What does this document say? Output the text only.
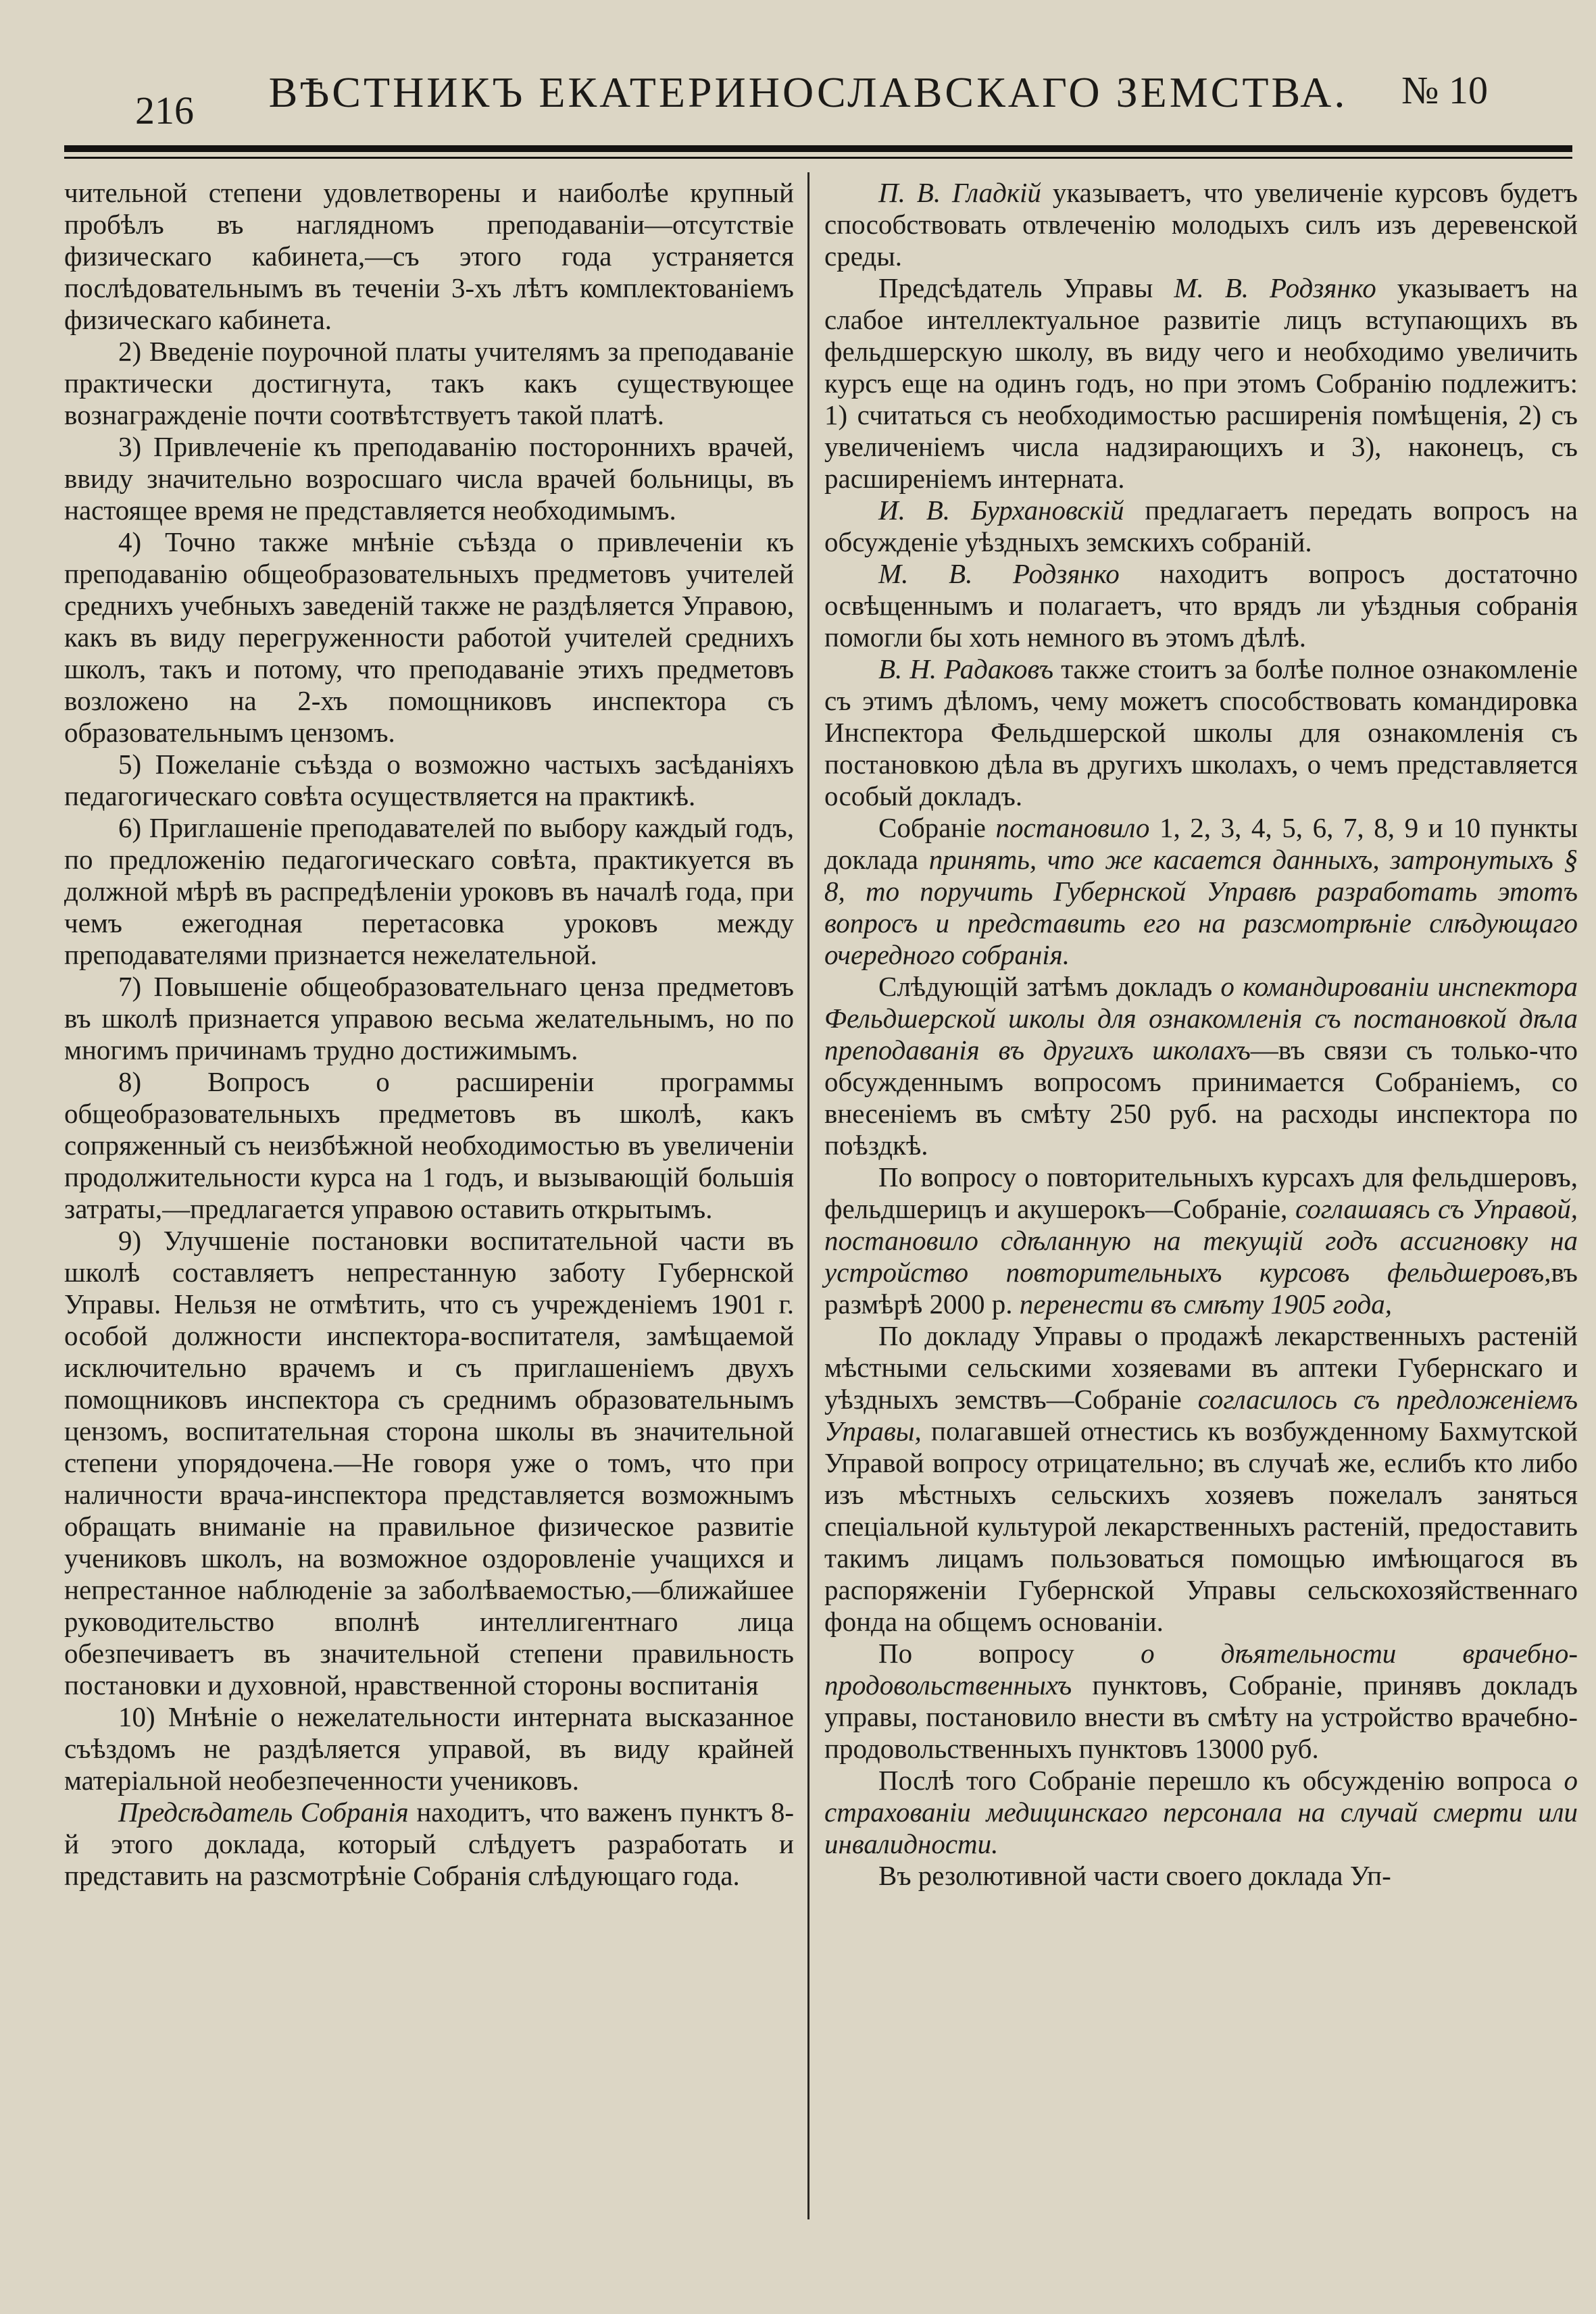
216	ВѢСТНИКЪ ЕКАТЕРИНОСЛАВСКАГО ЗЕМСТВА.	№ 10

чительной степени удовлетворены и наиболѣе крупный пробѣлъ въ наглядномъ преподаваніи—отсутствіе физическаго кабинета,—съ этого года устраняется послѣдовательнымъ въ теченіи 3-хъ лѣтъ комплектованіемъ физическаго кабинета.

2) Введеніе поурочной платы учителямъ за преподаваніе практически достигнута, такъ какъ существующее вознагражденіе почти соотвѣтствуетъ такой платѣ.

3) Привлеченіе къ преподаванію постороннихъ врачей, ввиду значительно возросшаго числа врачей больницы, въ настоящее время не представляется необходимымъ.

4) Точно также мнѣніе съѣзда о привлеченіи къ преподаванію общеобразовательныхъ предметовъ учителей среднихъ учебныхъ заведеній также не раздѣляется Управою, какъ въ виду перегруженности работой учителей среднихъ школъ, такъ и потому, что преподаваніе этихъ предметовъ возложено на 2-хъ помощниковъ инспектора съ образовательнымъ цензомъ.

5) Пожеланіе съѣзда о возможно частыхъ засѣданіяхъ педагогическаго совѣта осуществляется на практикѣ.

6) Приглашеніе преподавателей по выбору каждый годъ, по предложенію педагогическаго совѣта, практикуется въ должной мѣрѣ въ распредѣленіи уроковъ въ началѣ года, при чемъ ежегодная перетасовка уроковъ между преподавателями признается нежелательной.

7) Повышеніе общеобразовательнаго ценза предметовъ въ школѣ признается управою весьма желательнымъ, но по многимъ причинамъ трудно достижимымъ.

8) Вопросъ о расширеніи программы общеобразовательныхъ предметовъ въ школѣ, какъ сопряженный съ неизбѣжной необходимостью въ увеличеніи продолжительности курса на 1 годъ, и вызывающій большія затраты,—предлагается управою оставить открытымъ.

9) Улучшеніе постановки воспитательной части въ школѣ составляетъ непрестанную заботу Губернской Управы. Нельзя не отмѣтить, что съ учрежденіемъ 1901 г. особой должности инспектора-воспитателя, замѣщаемой исключительно врачемъ и съ приглашеніемъ двухъ помощниковъ инспектора съ среднимъ образовательнымъ цензомъ, воспитательная сторона школы въ значительной степени упорядочена.—Не говоря уже о томъ, что при наличности врача-инспектора представляется возможнымъ обращать вниманіе на правильное физическое развитіе учениковъ школъ, на возможное оздоровленіе учащихся и непрестанное наблюденіе за заболѣваемостью,—ближайшее руководительство вполнѣ интеллигентнаго лица обезпечиваетъ въ значительной степени правильность постановки и духовной, нравственной стороны воспитанія

10) Мнѣніе о нежелательности интерната высказанное съѣздомъ не раздѣляется управой, въ виду крайней матеріальной необезпеченности учениковъ.

Предсѣдатель Собранія находитъ, что важенъ пунктъ 8-й этого доклада, который слѣдуетъ разработать и представить на разсмотрѣніе Собранія слѣдующаго года.

П. В. Гладкій указываетъ, что увеличеніе курсовъ будетъ способствовать отвлеченію молодыхъ силъ изъ деревенской среды.

Предсѣдатель Управы М. В. Родзянко указываетъ на слабое интеллектуальное развитіе лицъ вступающихъ въ фельдшерскую школу, въ виду чего и необходимо увеличить курсъ еще на одинъ годъ, но при этомъ Собранію подлежитъ: 1) считаться съ необходимостью расширенія помѣщенія, 2) съ увеличеніемъ числа надзирающихъ и 3), наконецъ, съ расширеніемъ интерната.

И. В. Бурхановскій предлагаетъ передать вопросъ на обсужденіе уѣздныхъ земскихъ собраній.

М. В. Родзянко находитъ вопросъ достаточно освѣщеннымъ и полагаетъ, что врядъ ли уѣздныя собранія помогли бы хоть немного въ этомъ дѣлѣ.

В. Н. Радаковъ также стоитъ за болѣе полное ознакомленіе съ этимъ дѣломъ, чему можетъ способствовать командировка Инспектора Фельдшерской школы для ознакомленія съ постановкою дѣла въ другихъ школахъ, о чемъ представляется особый докладъ.

Собраніе постановило 1, 2, 3, 4, 5, 6, 7, 8, 9 и 10 пункты доклада принять, что же касается данныхъ, затронутыхъ § 8, то поручить Губернской Управѣ разработать этотъ вопросъ и представить его на разсмотрѣніе слѣдующаго очередного собранія.

Слѣдующій затѣмъ докладъ о командированіи инспектора Фельдшерской школы для ознакомленія съ постановкой дѣла преподаванія въ другихъ школахъ—въ связи съ только-что обсужденнымъ вопросомъ принимается Собраніемъ, со внесеніемъ въ смѣту 250 руб. на расходы инспектора по поѣздкѣ.

По вопросу о повторительныхъ курсахъ для фельдшеровъ, фельдшерицъ и акушерокъ—Собраніе, соглашаясь съ Управой, постановило сдѣланную на текущій годъ ассигновку на устройство повторительныхъ курсовъ фельдшеровъ,въ размѣрѣ 2000 р. перенести въ смѣту 1905 года,

По докладу Управы о продажѣ лекарственныхъ растеній мѣстными сельскими хозяевами въ аптеки Губернскаго и уѣздныхъ земствъ—Собраніе согласилось съ предложеніемъ Управы, полагавшей отнестись къ возбужденному Бахмутской Управой вопросу отрицательно; въ случаѣ же, еслибъ кто либо изъ мѣстныхъ сельскихъ хозяевъ пожелалъ заняться спеціальной культурой лекарственныхъ растеній, предоставить такимъ лицамъ пользоваться помощью имѣющагося въ распоряженіи Губернской Управы сельскохозяйственнаго фонда на общемъ основаніи.

По вопросу о дѣятельности врачебно-продовольственныхъ пунктовъ, Собраніе, принявъ докладъ управы, постановило внести въ смѣту на устройство врачебно-продовольственныхъ пунктовъ 13000 руб.

Послѣ того Собраніе перешло къ обсужденію вопроса о страхованіи медицинскаго персонала на случай смерти или инвалидности.

Въ резолютивной части своего доклада Уп-
